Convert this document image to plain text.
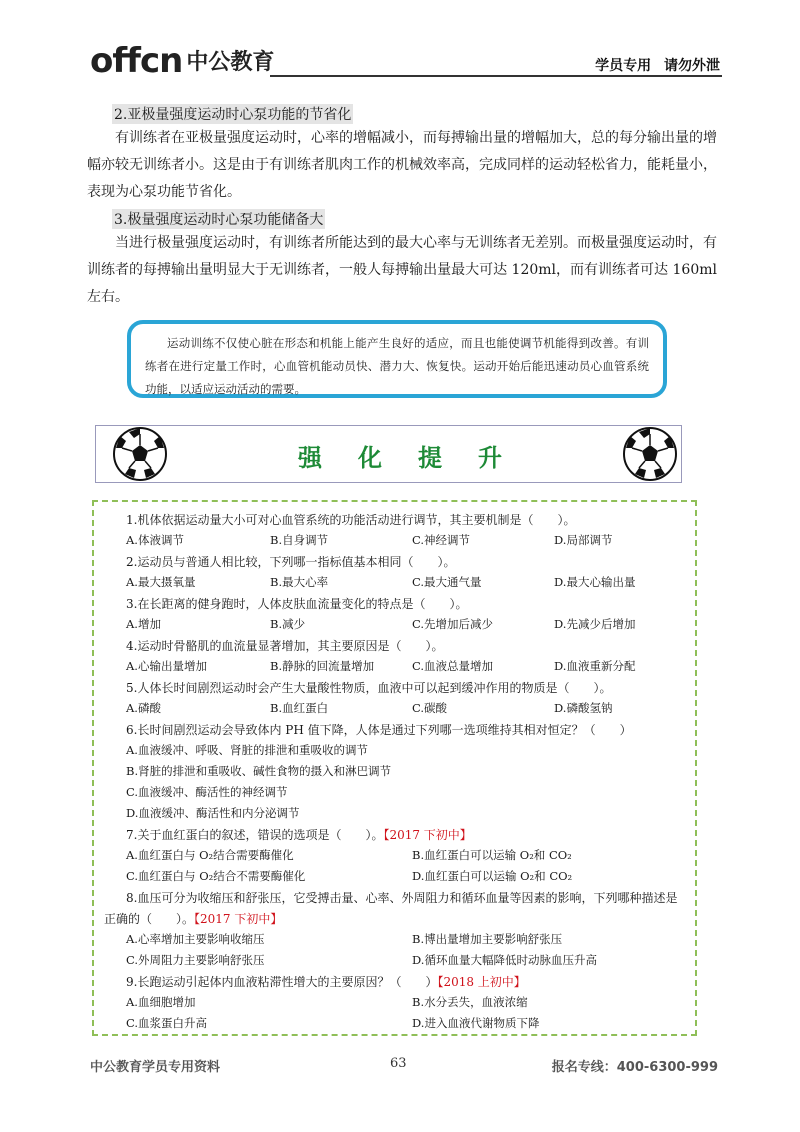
offcn 中公教育	学员专用 请勿外泄
2.亚极量强度运动时心泵功能的节省化
有训练者在亚极量强度运动时，心率的增幅减小，而每搏输出量的增幅加大，总的每分输出量的增幅亦较无训练者小。这是由于有训练者肌肉工作的机械效率高，完成同样的运动轻松省力，能耗量小，表现为心泵功能节省化。
3.极量强度运动时心泵功能储备大
当进行极量强度运动时，有训练者所能达到的最大心率与无训练者无差别。而极量强度运动时，有训练者的每搏输出量明显大于无训练者，一般人每搏输出量最大可达 120ml，而有训练者可达 160ml 左右。
运动训练不仅使心脏在形态和机能上能产生良好的适应，而且也能使调节机能得到改善。有训练者在进行定量工作时，心血管机能动员快、潜力大、恢复快。运动开始后能迅速动员心血管系统功能，以适应运动活动的需要。
强化提升
1.机体依据运动量大小可对心血管系统的功能活动进行调节，其主要机制是（　　）。
A.体液调节	B.自身调节	C.神经调节	D.局部调节
2.运动员与普通人相比较，下列哪一指标值基本相同（　　）。
A.最大摄氧量	B.最大心率	C.最大通气量	D.最大心输出量
3.在长距离的健身跑时，人体皮肤血流量变化的特点是（　　）。
A.增加	B.减少	C.先增加后减少	D.先减少后增加
4.运动时骨骼肌的血流量显著增加，其主要原因是（　　）。
A.心输出量增加	B.静脉的回流量增加	C.血液总量增加	D.血液重新分配
5.人体长时间剧烈运动时会产生大量酸性物质，血液中可以起到缓冲作用的物质是（　　）。
A.磷酸	B.血红蛋白	C.碳酸	D.磷酸氢钠
6.长时间剧烈运动会导致体内 PH 值下降，人体是通过下列哪一选项维持其相对恒定？（　　）
A.血液缓冲、呼吸、肾脏的排泄和重吸收的调节
B.肾脏的排泄和重吸收、碱性食物的摄入和淋巴调节
C.血液缓冲、酶活性的神经调节
D.血液缓冲、酶活性和内分泌调节
7.关于血红蛋白的叙述，错误的选项是（　　）。【2017 下初中】
A.血红蛋白与 O₂结合需要酶催化	B.血红蛋白可以运输 O₂和 CO₂
C.血红蛋白与 O₂结合不需要酶催化	D.血红蛋白可以运输 O₂和 CO₂
8.血压可分为收缩压和舒张压，它受搏击量、心率、外周阻力和循环血量等因素的影响，下列哪种描述是
正确的（　　）。【2017 下初中】
A.心率增加主要影响收缩压	B.博出量增加主要影响舒张压
C.外周阻力主要影响舒张压	D.循环血量大幅降低时动脉血压升高
9.长跑运动引起体内血液粘滞性增大的主要原因？（　　）【2018 上初中】
A.血细胞增加	B.水分丢失，血液浓缩
C.血浆蛋白升高	D.进入血液代谢物质下降
中公教育学员专用资料	63	报名专线：400-6300-999
